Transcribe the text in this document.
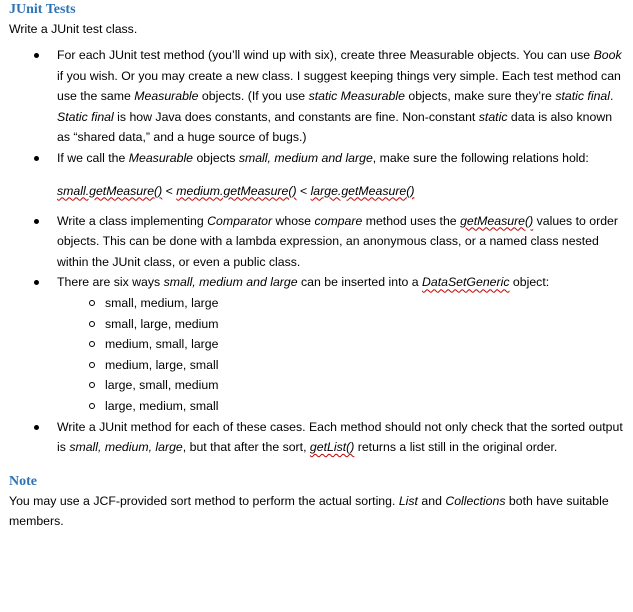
JUnit Tests

Write a JUnit test class.

For each JUnit test method (you’ll wind up with six), create three Measurable objects. You can use Book if you wish. Or you may create a new class. I suggest keeping things very simple. Each test method can use the same Measurable objects. (If you use static Measurable objects, make sure they’re static final. Static final is how Java does constants, and constants are fine. Non-constant static data is also known as “shared data,” and a huge source of bugs.)
If we call the Measurable objects small, medium and large, make sure the following relations hold:
small.getMeasure() < medium.getMeasure() < large.getMeasure()
Write a class implementing Comparator whose compare method uses the getMeasure() values to order objects. This can be done with a lambda expression, an anonymous class, or a named class nested within the JUnit class, or even a public class.
There are six ways small, medium and large can be inserted into a DataSetGeneric object:
small, medium, large
small, large, medium
medium, small, large
medium, large, small
large, small, medium
large, medium, small
Write a JUnit method for each of these cases. Each method should not only check that the sorted output is small, medium, large, but that after the sort, getList() returns a list still in the original order.
Note

You may use a JCF-provided sort method to perform the actual sorting. List and Collections both have suitable members.
